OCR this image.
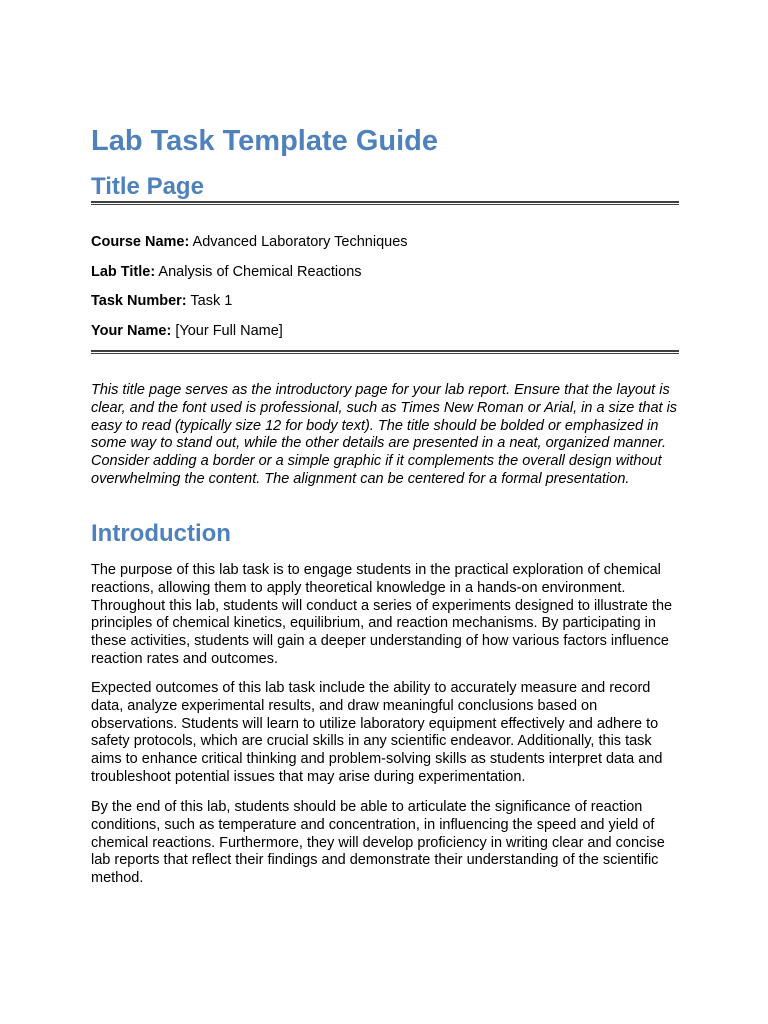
Lab Task Template Guide
Title Page

Course Name: Advanced Laboratory Techniques

Lab Title: Analysis of Chemical Reactions

Task Number: Task 1

Your Name: [Your Full Name]

This title page serves as the introductory page for your lab report. Ensure that the layout is clear, and the font used is professional, such as Times New Roman or Arial, in a size that is easy to read (typically size 12 for body text). The title should be bolded or emphasized in some way to stand out, while the other details are presented in a neat, organized manner. Consider adding a border or a simple graphic if it complements the overall design without overwhelming the content. The alignment can be centered for a formal presentation.

Introduction

The purpose of this lab task is to engage students in the practical exploration of chemical reactions, allowing them to apply theoretical knowledge in a hands-on environment. Throughout this lab, students will conduct a series of experiments designed to illustrate the principles of chemical kinetics, equilibrium, and reaction mechanisms. By participating in these activities, students will gain a deeper understanding of how various factors influence reaction rates and outcomes.

Expected outcomes of this lab task include the ability to accurately measure and record data, analyze experimental results, and draw meaningful conclusions based on observations. Students will learn to utilize laboratory equipment effectively and adhere to safety protocols, which are crucial skills in any scientific endeavor. Additionally, this task aims to enhance critical thinking and problem-solving skills as students interpret data and troubleshoot potential issues that may arise during experimentation.

By the end of this lab, students should be able to articulate the significance of reaction conditions, such as temperature and concentration, in influencing the speed and yield of chemical reactions. Furthermore, they will develop proficiency in writing clear and concise lab reports that reflect their findings and demonstrate their understanding of the scientific method.
